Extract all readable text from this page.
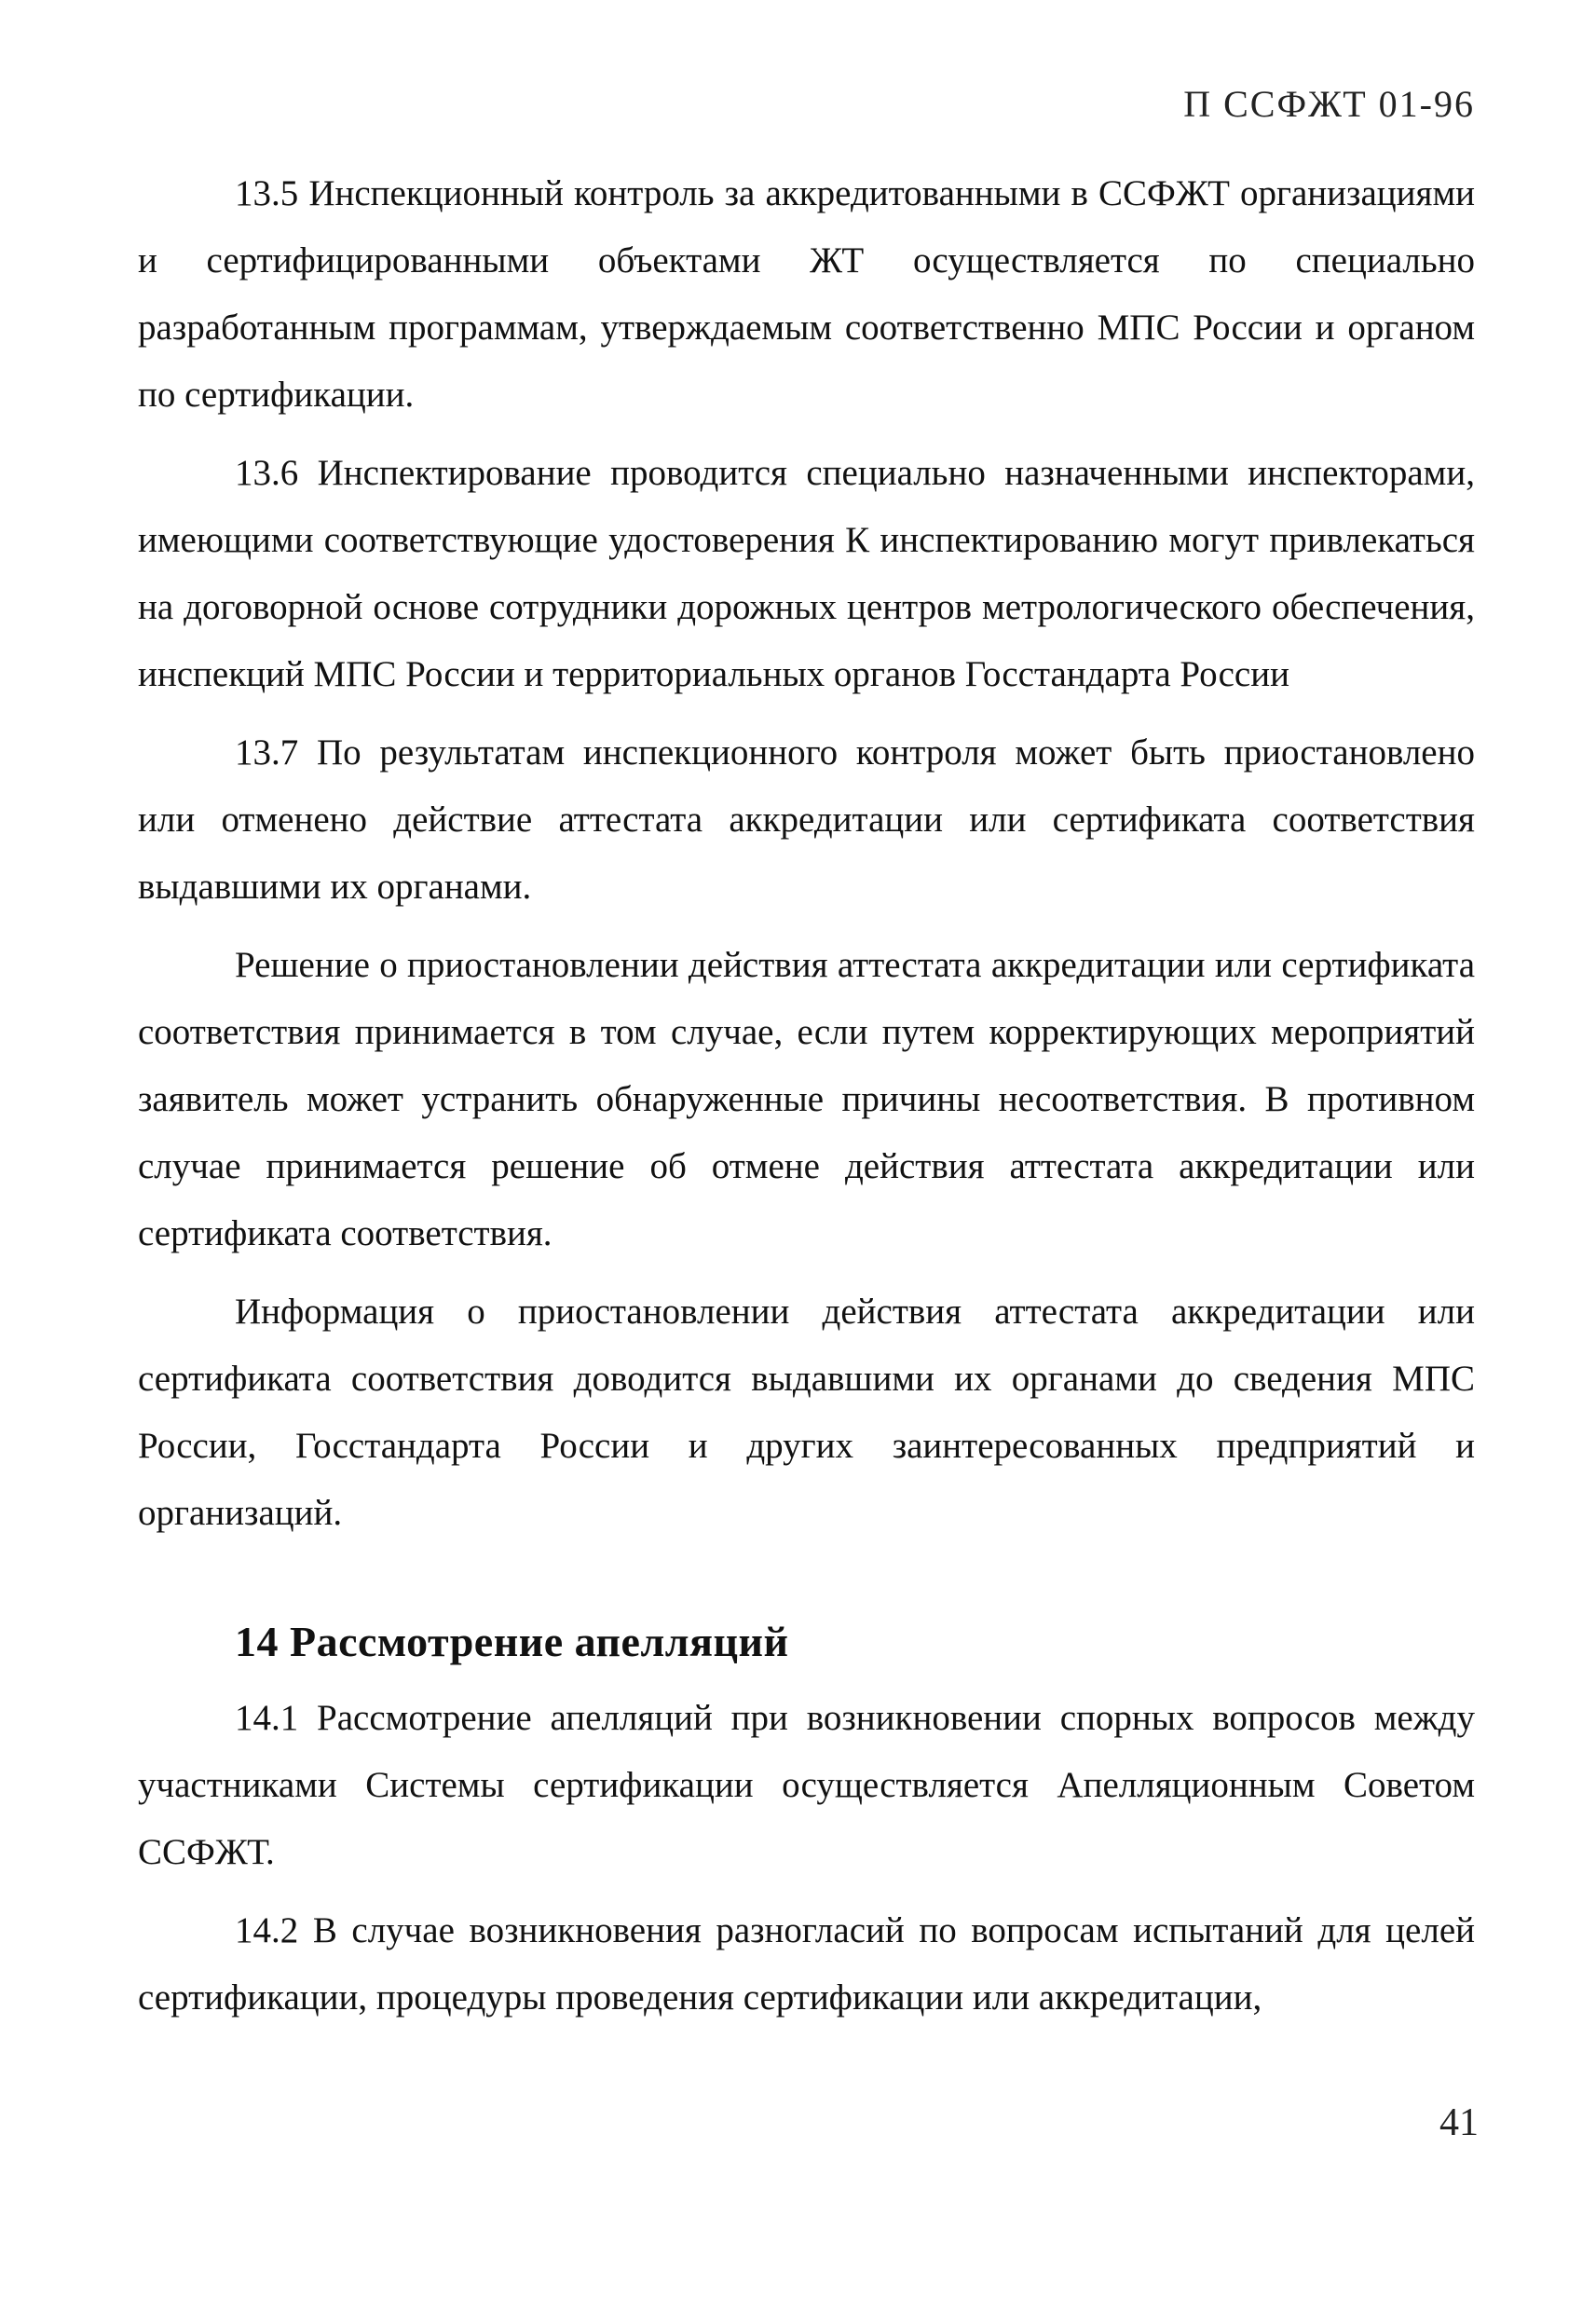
П ССФЖТ 01-96

13.5 Инспекционный контроль за аккредитованными в ССФЖТ организациями и сертифицированными объектами ЖТ осуществляется по специально разработанным программам, утверждаемым соответственно МПС России и органом по сертификации.

13.6 Инспектирование проводится специально назначенными инспекторами, имеющими соответствующие удостоверения К инспектированию могут привлекаться на договорной основе сотрудники дорожных центров метрологического обеспечения, инспекций МПС России и территориальных органов Госстандарта России

13.7 По результатам инспекционного контроля может быть приостановлено или отменено действие аттестата аккредитации или сертификата соответствия выдавшими их органами.

Решение о приостановлении действия аттестата аккредитации или сертификата соответствия принимается в том случае, если путем корректирующих мероприятий заявитель может устранить обнаруженные причины несоответствия. В противном случае принимается решение об отмене действия аттестата аккредитации или сертификата соответствия.

Информация о приостановлении действия аттестата аккредитации или сертификата соответствия доводится выдавшими их органами до сведения МПС России, Госстандарта России и других заинтересованных предприятий и организаций.

14 Рассмотрение апелляций

14.1 Рассмотрение апелляций при возникновении спорных вопросов между участниками Системы сертификации осуществляется Апелляционным Советом ССФЖТ.

14.2 В случае возникновения разногласий по вопросам испытаний для целей сертификации, процедуры проведения сертификации или аккредитации,

41
